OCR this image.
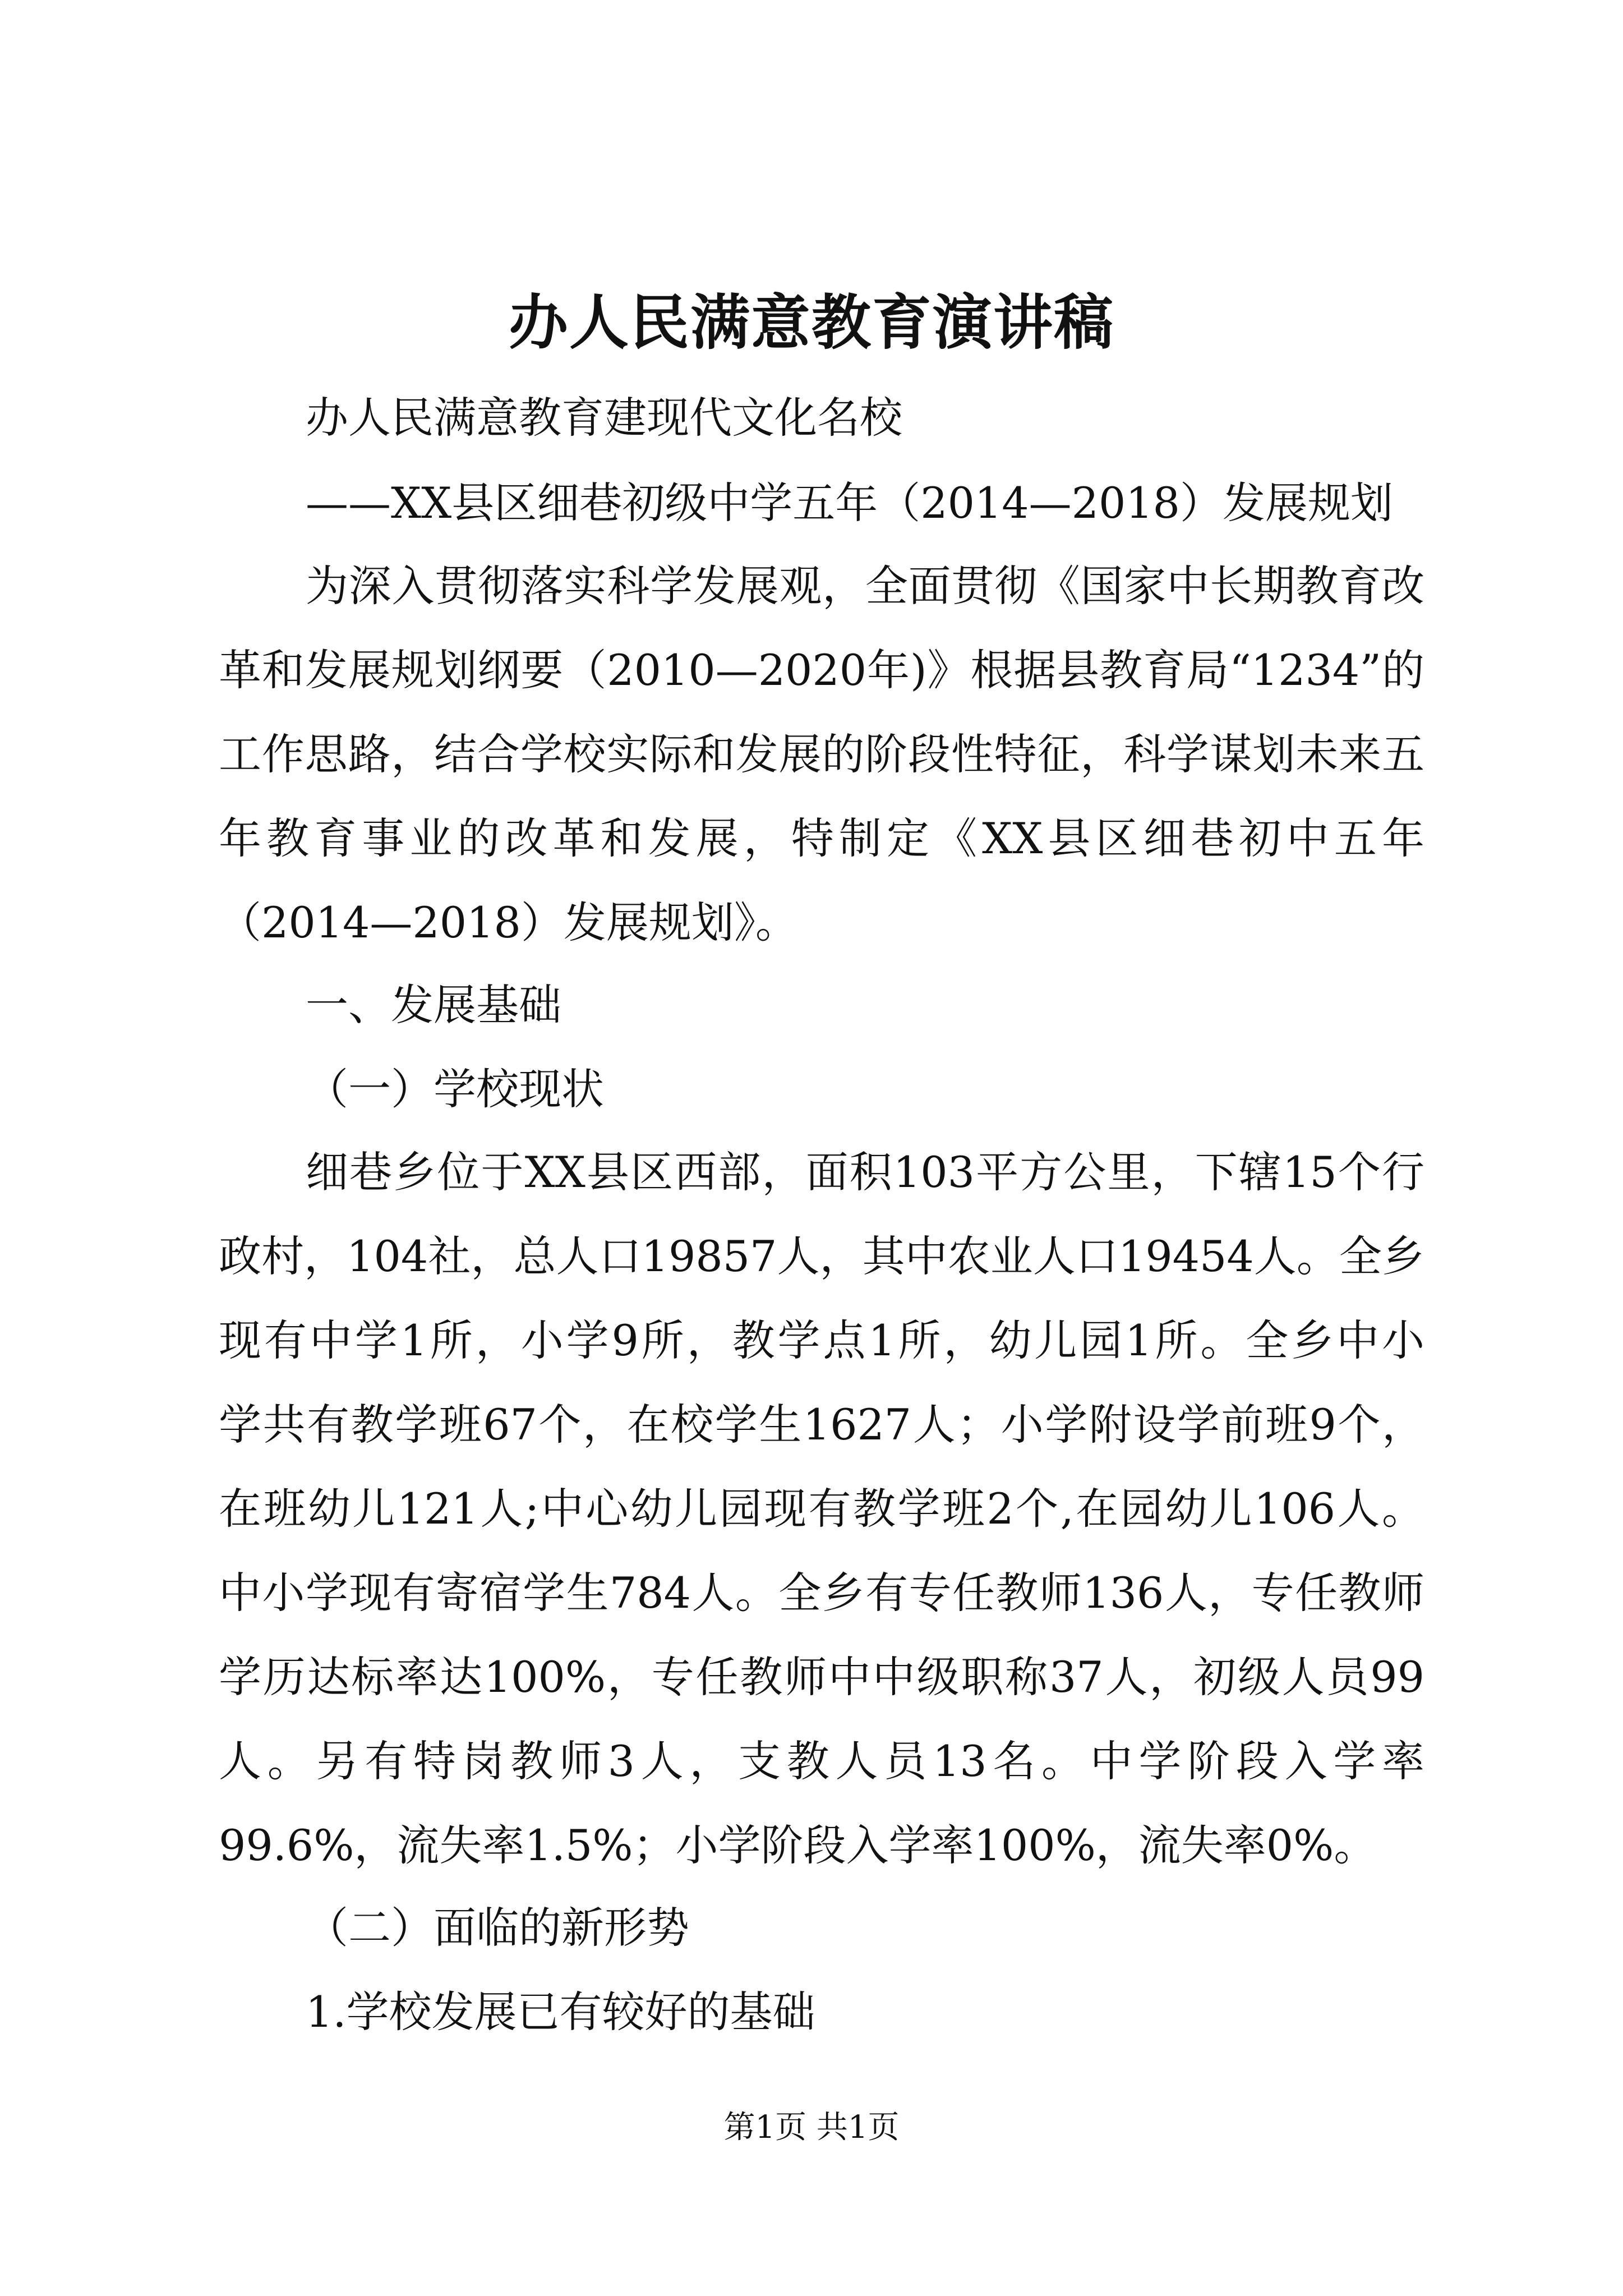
办人民满意教育演讲稿
办人民满意教育建现代文化名校
——XX县区细巷初级中学五年（2014—2018）发展规划
为深入贯彻落实科学发展观，全面贯彻《国家中长期教育改
革和发展规划纲要（2010—2020年)》根据县教育局“1234”的
工作思路，结合学校实际和发展的阶段性特征，科学谋划未来五
年教育事业的改革和发展，特制定《XX县区细巷初中五年
（2014—2018）发展规划》。
一、发展基础
（一）学校现状
细巷乡位于XX县区西部，面积103平方公里，下辖15个行
政村，104社，总人口19857人，其中农业人口19454人。全乡
现有中学1所，小学9所，教学点1所，幼儿园1所。全乡中小
学共有教学班67个，在校学生1627人；小学附设学前班9个，
在班幼儿121人;中心幼儿园现有教学班2个,在园幼儿106人。
中小学现有寄宿学生784人。全乡有专任教师136人，专任教师
学历达标率达100%，专任教师中中级职称37人，初级人员99
人。另有特岗教师3人，支教人员13名。中学阶段入学率
99.6%，流失率1.5%；小学阶段入学率100%，流失率0%。
（二）面临的新形势
1.学校发展已有较好的基础
第1页 共1页
